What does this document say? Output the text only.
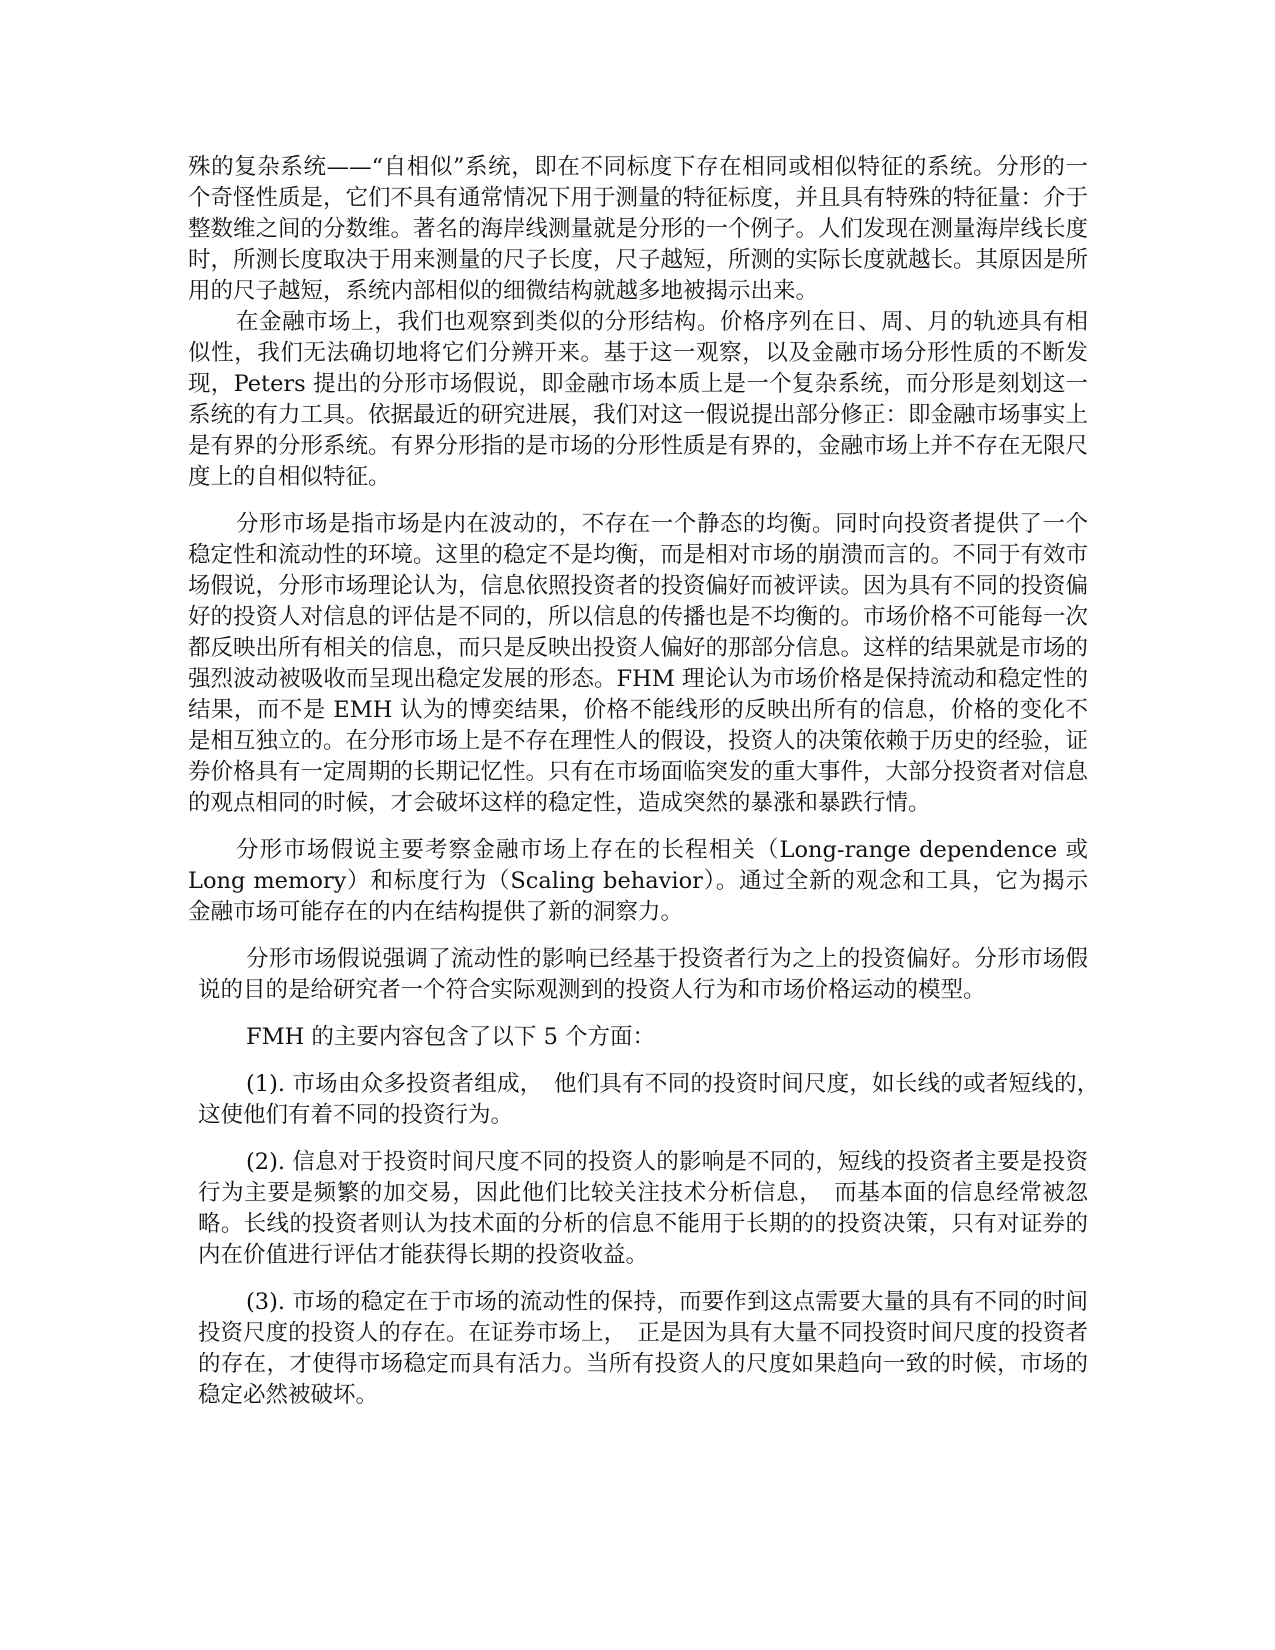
殊的复杂系统——“自相似”系统，即在不同标度下存在相同或相似特征的系统。分形的一个奇怪性质是，它们不具有通常情况下用于测量的特征标度，并且具有特殊的特征量：介于整数维之间的分数维。著名的海岸线测量就是分形的一个例子。人们发现在测量海岸线长度时，所测长度取决于用来测量的尺子长度，尺子越短，所测的实际长度就越长。其原因是所用的尺子越短，系统内部相似的细微结构就越多地被揭示出来。

在金融市场上，我们也观察到类似的分形结构。价格序列在日、周、月的轨迹具有相似性，我们无法确切地将它们分辨开来。基于这一观察，以及金融市场分形性质的不断发现，Peters 提出的分形市场假说，即金融市场本质上是一个复杂系统，而分形是刻划这一系统的有力工具。依据最近的研究进展，我们对这一假说提出部分修正：即金融市场事实上是有界的分形系统。有界分形指的是市场的分形性质是有界的，金融市场上并不存在无限尺度上的自相似特征。

分形市场是指市场是内在波动的，不存在一个静态的均衡。同时向投资者提供了一个稳定性和流动性的环境。这里的稳定不是均衡，而是相对市场的崩溃而言的。不同于有效市场假说，分形市场理论认为，信息依照投资者的投资偏好而被评读。因为具有不同的投资偏好的投资人对信息的评估是不同的，所以信息的传播也是不均衡的。市场价格不可能每一次都反映出所有相关的信息，而只是反映出投资人偏好的那部分信息。这样的结果就是市场的强烈波动被吸收而呈现出稳定发展的形态。FHM 理论认为市场价格是保持流动和稳定性的结果，而不是 EMH 认为的博奕结果，价格不能线形的反映出所有的信息，价格的变化不是相互独立的。在分形市场上是不存在理性人的假设，投资人的决策依赖于历史的经验，证券价格具有一定周期的长期记忆性。只有在市场面临突发的重大事件，大部分投资者对信息的观点相同的时候，才会破坏这样的稳定性，造成突然的暴涨和暴跌行情。

分形市场假说主要考察金融市场上存在的长程相关（Long-range dependence 或 Long memory）和标度行为（Scaling behavior）。通过全新的观念和工具，它为揭示金融市场可能存在的内在结构提供了新的洞察力。

分形市场假说强调了流动性的影响已经基于投资者行为之上的投资偏好。分形市场假说的目的是给研究者一个符合实际观测到的投资人行为和市场价格运动的模型。

FMH 的主要内容包含了以下 5 个方面：

(1). 市场由众多投资者组成，　他们具有不同的投资时间尺度，如长线的或者短线的，　这使他们有着不同的投资行为。

(2). 信息对于投资时间尺度不同的投资人的影响是不同的，短线的投资者主要是投资行为主要是频繁的加交易，因此他们比较关注技术分析信息，　而基本面的信息经常被忽略。长线的投资者则认为技术面的分析的信息不能用于长期的的投资决策，只有对证券的内在价值进行评估才能获得长期的投资收益。

(3). 市场的稳定在于市场的流动性的保持，而要作到这点需要大量的具有不同的时间投资尺度的投资人的存在。在证券市场上，　正是因为具有大量不同投资时间尺度的投资者的存在，才使得市场稳定而具有活力。当所有投资人的尺度如果趋向一致的时候，市场的稳定必然被破坏。
